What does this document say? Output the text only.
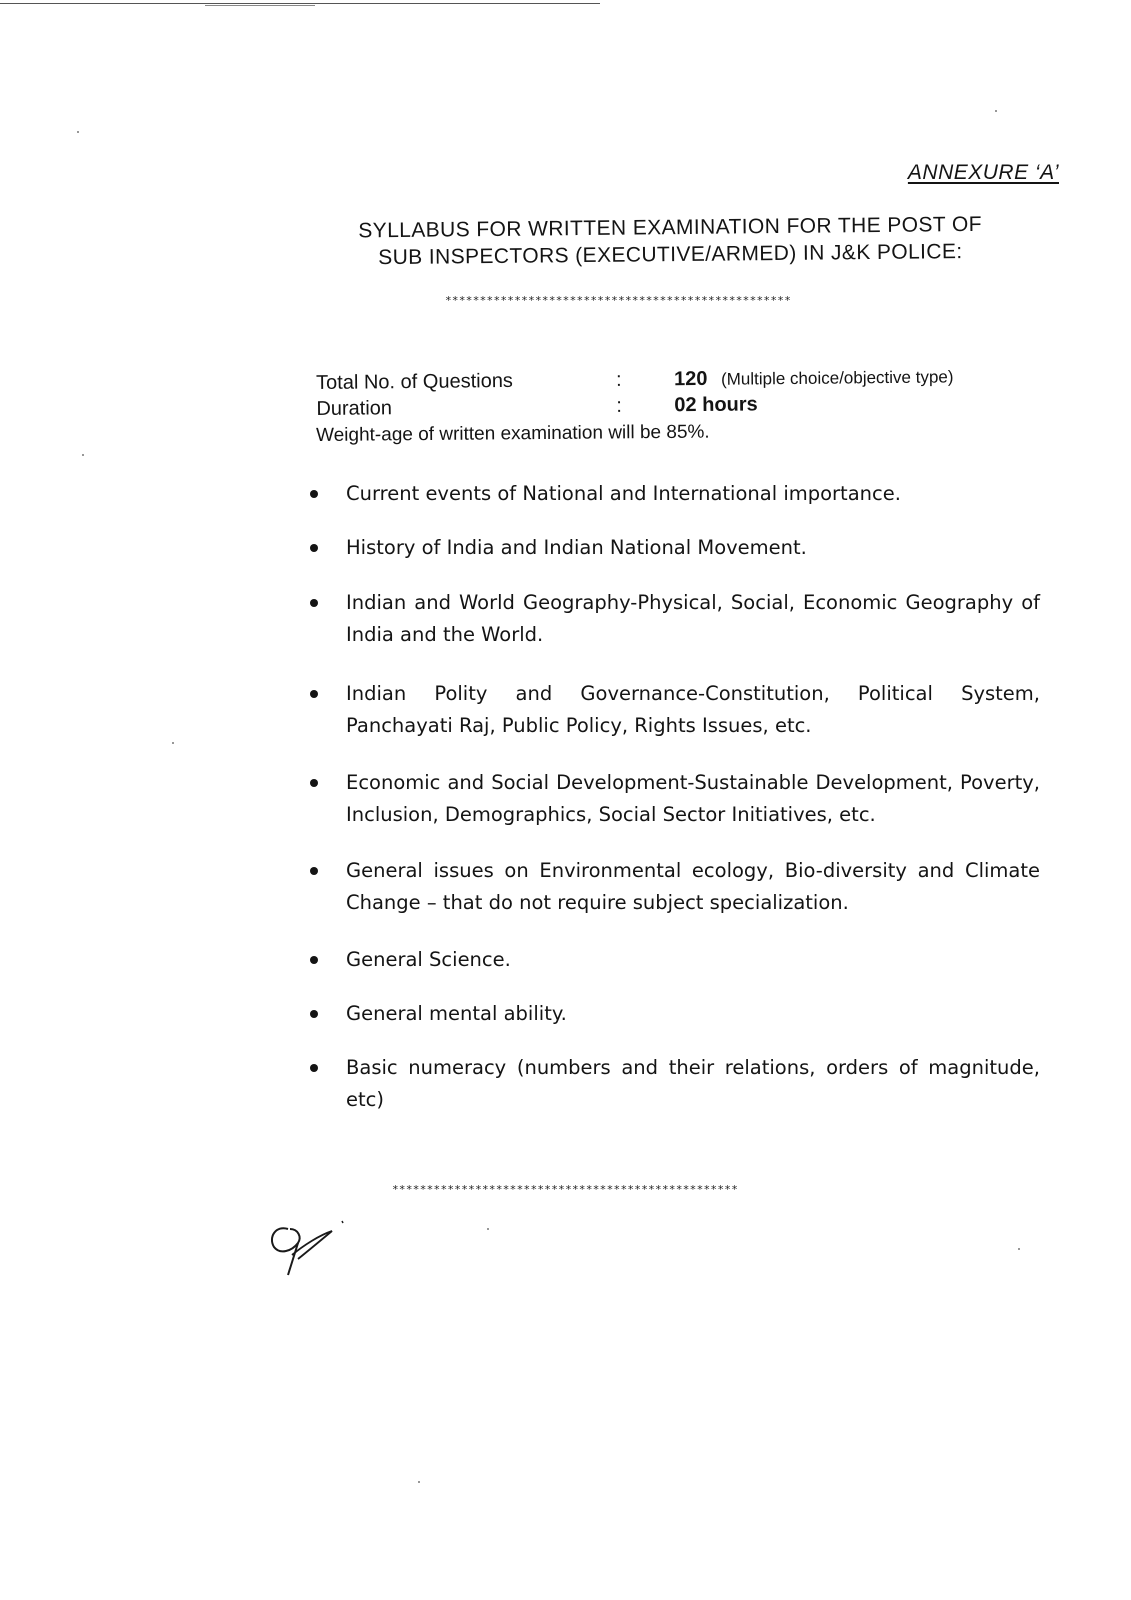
ANNEXURE ‘A’
SYLLABUS FOR WRITTEN EXAMINATION FOR THE POST OF
SUB INSPECTORS (EXECUTIVE/ARMED) IN J&K POLICE:
**************************************************
Total No. of Questions	:	120 (Multiple choice/objective type)
Duration	:	02 hours
Weight-age of written examination will be 85%.
Current events of National and International importance.
History of India and Indian National Movement.
Indian and World Geography-Physical, Social, Economic Geography of India and the World.
Indian Polity and Governance-Constitution, Political System, Panchayati Raj, Public Policy, Rights Issues, etc.
Economic and Social Development-Sustainable Development, Poverty, Inclusion, Demographics, Social Sector Initiatives, etc.
General issues on Environmental ecology, Bio-diversity and Climate Change – that do not require subject specialization.
General Science.
General mental ability.
Basic numeracy (numbers and their relations, orders of magnitude, etc)
**************************************************
